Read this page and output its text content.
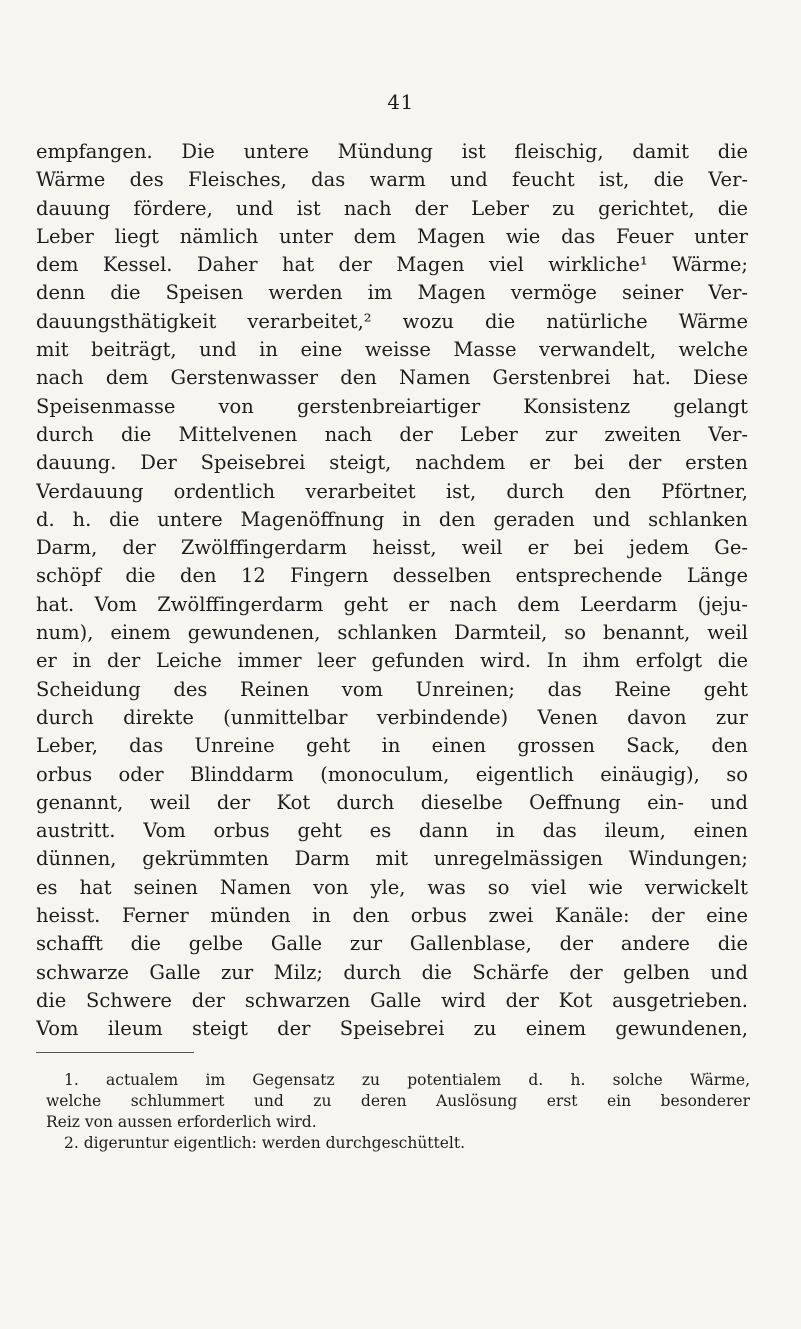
41
empfangen. Die untere Mündung ist fleischig, damit die
Wärme des Fleisches, das warm und feucht ist, die Ver-
dauung fördere, und ist nach der Leber zu gerichtet, die
Leber liegt nämlich unter dem Magen wie das Feuer unter
dem Kessel. Daher hat der Magen viel wirkliche¹ Wärme;
denn die Speisen werden im Magen vermöge seiner Ver-
dauungsthätigkeit verarbeitet,² wozu die natürliche Wärme
mit beiträgt, und in eine weisse Masse verwandelt, welche
nach dem Gerstenwasser den Namen Gerstenbrei hat. Diese
Speisenmasse von gerstenbreiartiger Konsistenz gelangt
durch die Mittelvenen nach der Leber zur zweiten Ver-
dauung. Der Speisebrei steigt, nachdem er bei der ersten
Verdauung ordentlich verarbeitet ist, durch den Pförtner,
d. h. die untere Magenöffnung in den geraden und schlanken
Darm, der Zwölffingerdarm heisst, weil er bei jedem Ge-
schöpf die den 12 Fingern desselben entsprechende Länge
hat. Vom Zwölffingerdarm geht er nach dem Leerdarm (jeju-
num), einem gewundenen, schlanken Darmteil, so benannt, weil
er in der Leiche immer leer gefunden wird. In ihm erfolgt die
Scheidung des Reinen vom Unreinen; das Reine geht
durch direkte (unmittelbar verbindende) Venen davon zur
Leber, das Unreine geht in einen grossen Sack, den
orbus oder Blinddarm (monoculum, eigentlich einäugig), so
genannt, weil der Kot durch dieselbe Oeffnung ein- und
austritt. Vom orbus geht es dann in das ileum, einen
dünnen, gekrümmten Darm mit unregelmässigen Windungen;
es hat seinen Namen von yle, was so viel wie verwickelt
heisst. Ferner münden in den orbus zwei Kanäle: der eine
schafft die gelbe Galle zur Gallenblase, der andere die
schwarze Galle zur Milz; durch die Schärfe der gelben und
die Schwere der schwarzen Galle wird der Kot ausgetrieben.
Vom ileum steigt der Speisebrei zu einem gewundenen,
1. actualem im Gegensatz zu potentialem d. h. solche Wärme,
welche schlummert und zu deren Auslösung erst ein besonderer
Reiz von aussen erforderlich wird.
2. digeruntur eigentlich: werden durchgeschüttelt.
